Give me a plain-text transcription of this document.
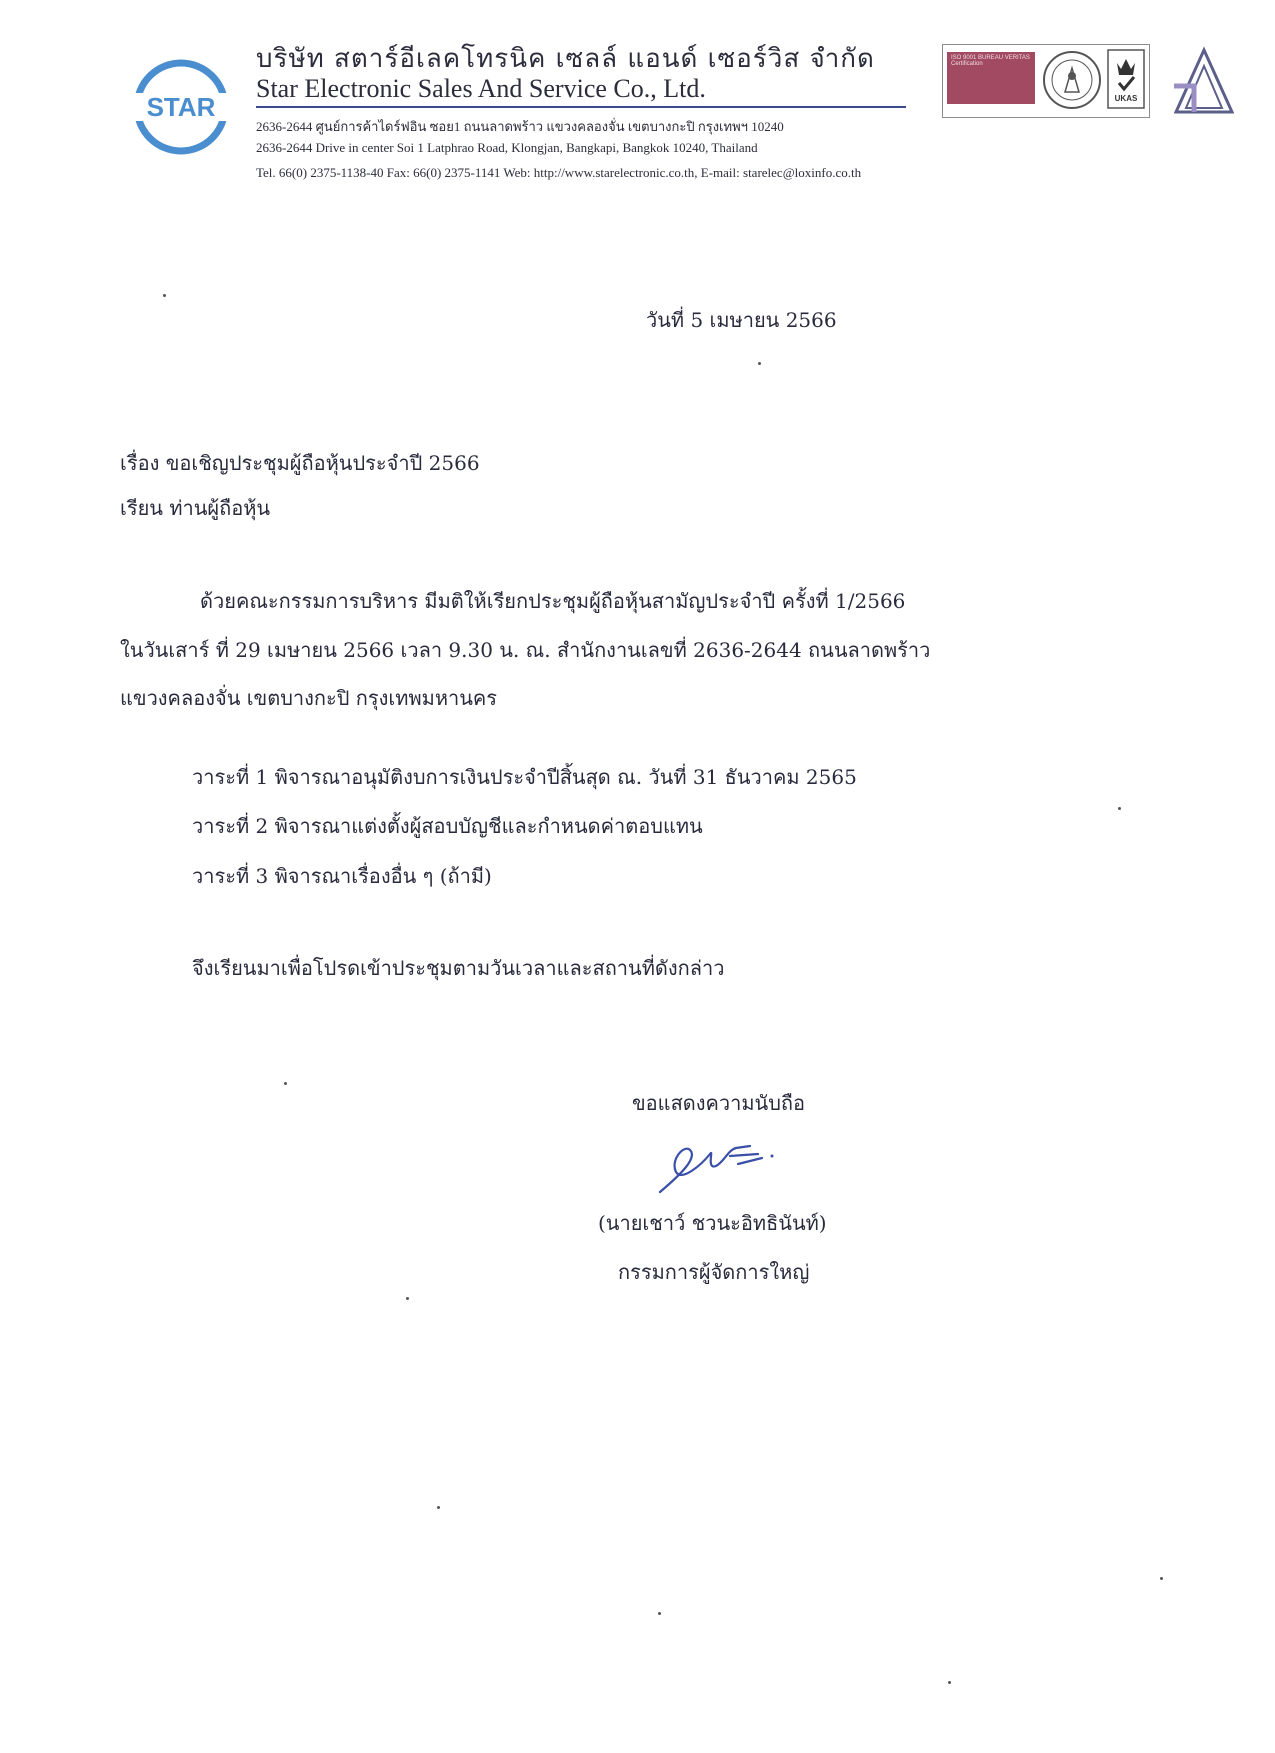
STAR
บริษัท สตาร์อีเลคโทรนิค เซลล์ แอนด์ เซอร์วิส จำกัด
Star Electronic Sales And Service Co., Ltd.
2636-2644 ศูนย์การค้าไดร์ฟอิน ซอย1 ถนนลาดพร้าว แขวงคลองจั่น เขตบางกะปิ กรุงเทพฯ 10240
2636-2644 Drive in center Soi 1 Latphrao Road, Klongjan, Bangkapi, Bangkok 10240, Thailand
Tel. 66(0) 2375-1138-40 Fax: 66(0) 2375-1141 Web: http://www.starelectronic.co.th, E-mail: starelec@loxinfo.co.th
ISO 9001 BUREAU VERITAS Certification
UKAS
วันที่ 5 เมษายน 2566
เรื่อง ขอเชิญประชุมผู้ถือหุ้นประจำปี 2566
เรียน ท่านผู้ถือหุ้น
ด้วยคณะกรรมการบริหาร มีมติให้เรียกประชุมผู้ถือหุ้นสามัญประจำปี ครั้งที่ 1/2566
ในวันเสาร์ ที่ 29 เมษายน 2566 เวลา 9.30 น. ณ. สำนักงานเลขที่ 2636-2644 ถนนลาดพร้าว
แขวงคลองจั่น เขตบางกะปิ กรุงเทพมหานคร
วาระที่ 1 พิจารณาอนุมัติงบการเงินประจำปีสิ้นสุด ณ. วันที่ 31 ธันวาคม 2565
วาระที่ 2 พิจารณาแต่งตั้งผู้สอบบัญชีและกำหนดค่าตอบแทน
วาระที่ 3 พิจารณาเรื่องอื่น ๆ (ถ้ามี)
จึงเรียนมาเพื่อโปรดเข้าประชุมตามวันเวลาและสถานที่ดังกล่าว
ขอแสดงความนับถือ
(นายเชาว์ ชวนะอิทธินันท์)
กรรมการผู้จัดการใหญ่
